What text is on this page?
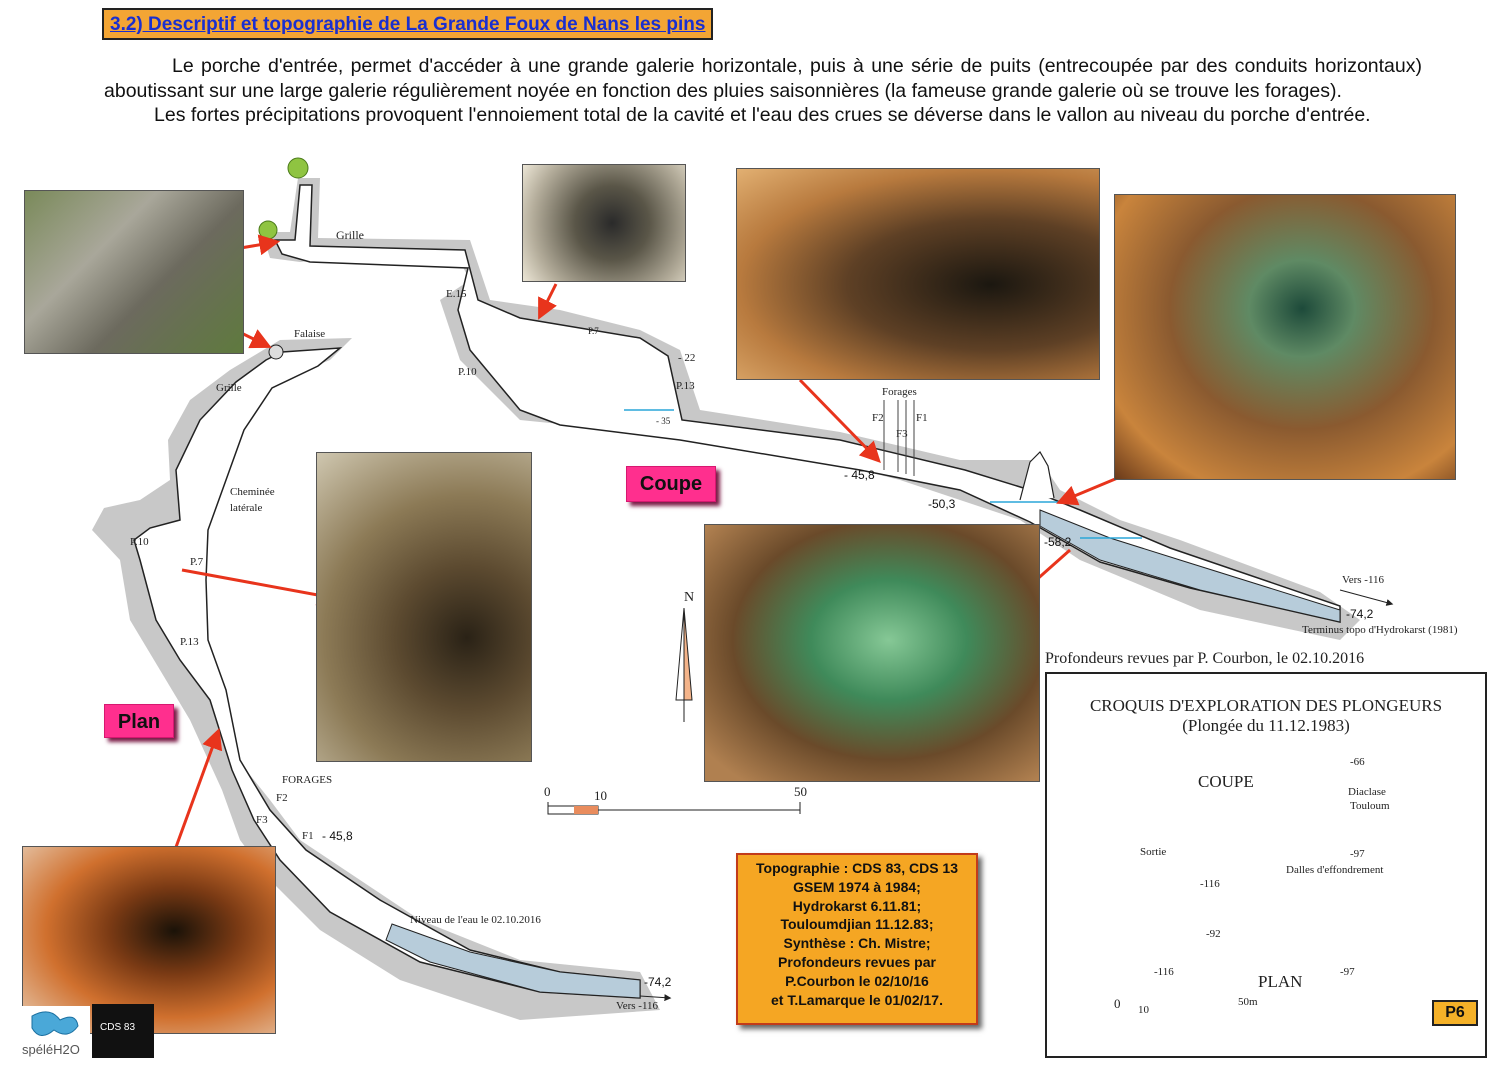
3.2) Descriptif et topographie de La Grande Foux de Nans les pins

Le porche d'entrée, permet d'accéder à une grande galerie horizontale, puis à une série de puits (entrecoupée par des conduits horizontaux) aboutissant sur une large galerie régulièrement noyée en fonction des pluies saisonnières (la fameuse grande galerie où se trouve les forages).

Les fortes précipitations provoquent l'ennoiement total de la cavité et l'eau des crues se déverse dans le vallon au niveau du porche d'entrée.

spéléH2O
CDS 83
Coupe
Plan
Grille
E.15
P.7
P.10
P.13
- 22
- 35
Forages
F2
F3
F1
- 45,8
-50,3
-58,2
Vers -116
-74,2
Terminus topo d'Hydrokarst (1981)
Falaise
Grille
Cheminée
latérale
P.10
P.7
P.13
FORAGES
F2
F3
F1 - 45,8
Niveau de l'eau le 02.10.2016
-74,2
Vers -116
N
0	10	50
Profondeurs revues par P. Courbon, le 02.10.2016
Topographie : CDS 83, CDS 13
GSEM 1974 à 1984;
Hydrokarst 6.11.81;
Touloumdjian 11.12.83;
Synthèse : Ch. Mistre;
Profondeurs revues par
P.Courbon le 02/10/16
et T.Lamarque le 01/02/17.
CROQUIS D'EXPLORATION DES PLONGEURS
(Plongée du 11.12.1983)
COUPE
PLAN
-66
Diaclase
Touloum
Sortie
Dalles d'effondrement
-97
-116
-92
-116	-97
0 10
50m
P6
